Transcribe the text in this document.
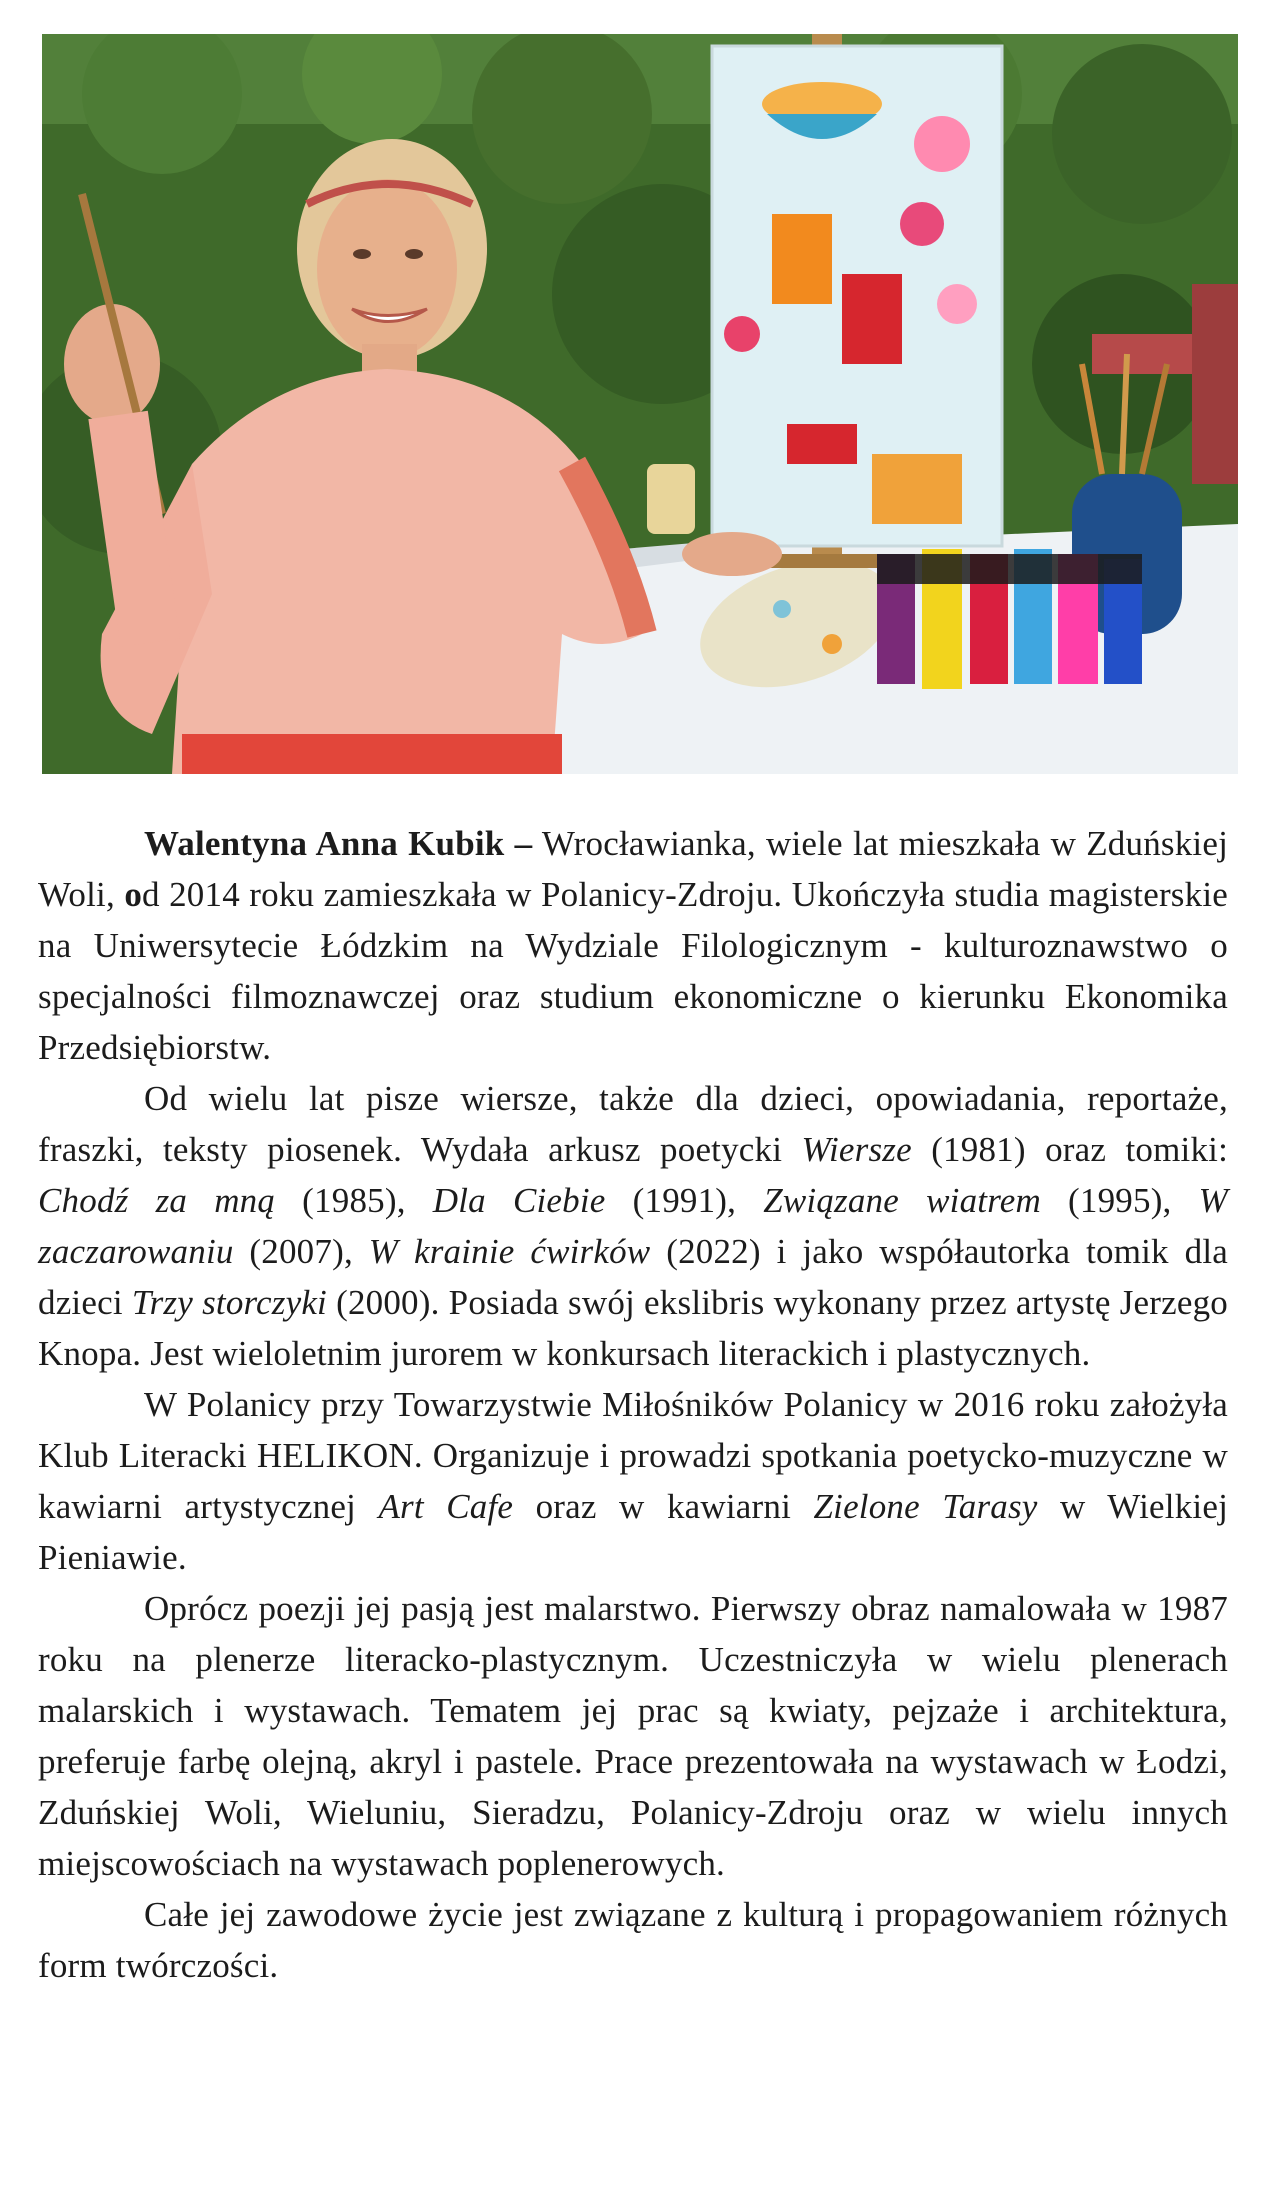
Walentyna Anna Kubik – Wrocławianka, wiele lat mieszkała w Zduńskiej Woli, od 2014 roku zamieszkała w Polanicy-Zdroju. Ukończyła studia magisterskie na Uniwersytecie Łódzkim na Wydziale Filologicznym - kulturoznawstwo o specjalności filmoznawczej oraz studium ekonomiczne o kierunku Ekonomika Przedsiębiorstw.

Od wielu lat pisze wiersze, także dla dzieci, opowiadania, reportaże, fraszki, teksty piosenek. Wydała arkusz poetycki Wiersze (1981) oraz tomiki: Chodź za mną (1985), Dla Ciebie (1991), Związane wiatrem (1995), W zaczarowaniu (2007), W krainie ćwirków (2022) i jako współautorka tomik dla dzieci Trzy storczyki (2000). Posiada swój ekslibris wykonany przez artystę Jerzego Knopa. Jest wieloletnim jurorem w konkursach literackich i plastycznych.

W Polanicy przy Towarzystwie Miłośników Polanicy w 2016 roku założyła Klub Literacki HELIKON. Organizuje i prowadzi spotkania poetycko-muzyczne w kawiarni artystycznej Art Cafe oraz w kawiarni Zielone Tarasy w Wielkiej Pieniawie.

Oprócz poezji jej pasją jest malarstwo. Pierwszy obraz namalowała w 1987 roku na plenerze literacko-plastycznym. Uczestniczyła w wielu plenerach malarskich i wystawach. Tematem jej prac są kwiaty, pejzaże i architektura, preferuje farbę olejną, akryl i pastele. Prace prezentowała na wystawach w Łodzi, Zduńskiej Woli, Wieluniu, Sieradzu, Polanicy-Zdroju oraz w wielu innych miejscowościach na wystawach poplenerowych.

Całe jej zawodowe życie jest związane z kulturą i propagowaniem różnych form twórczości.
